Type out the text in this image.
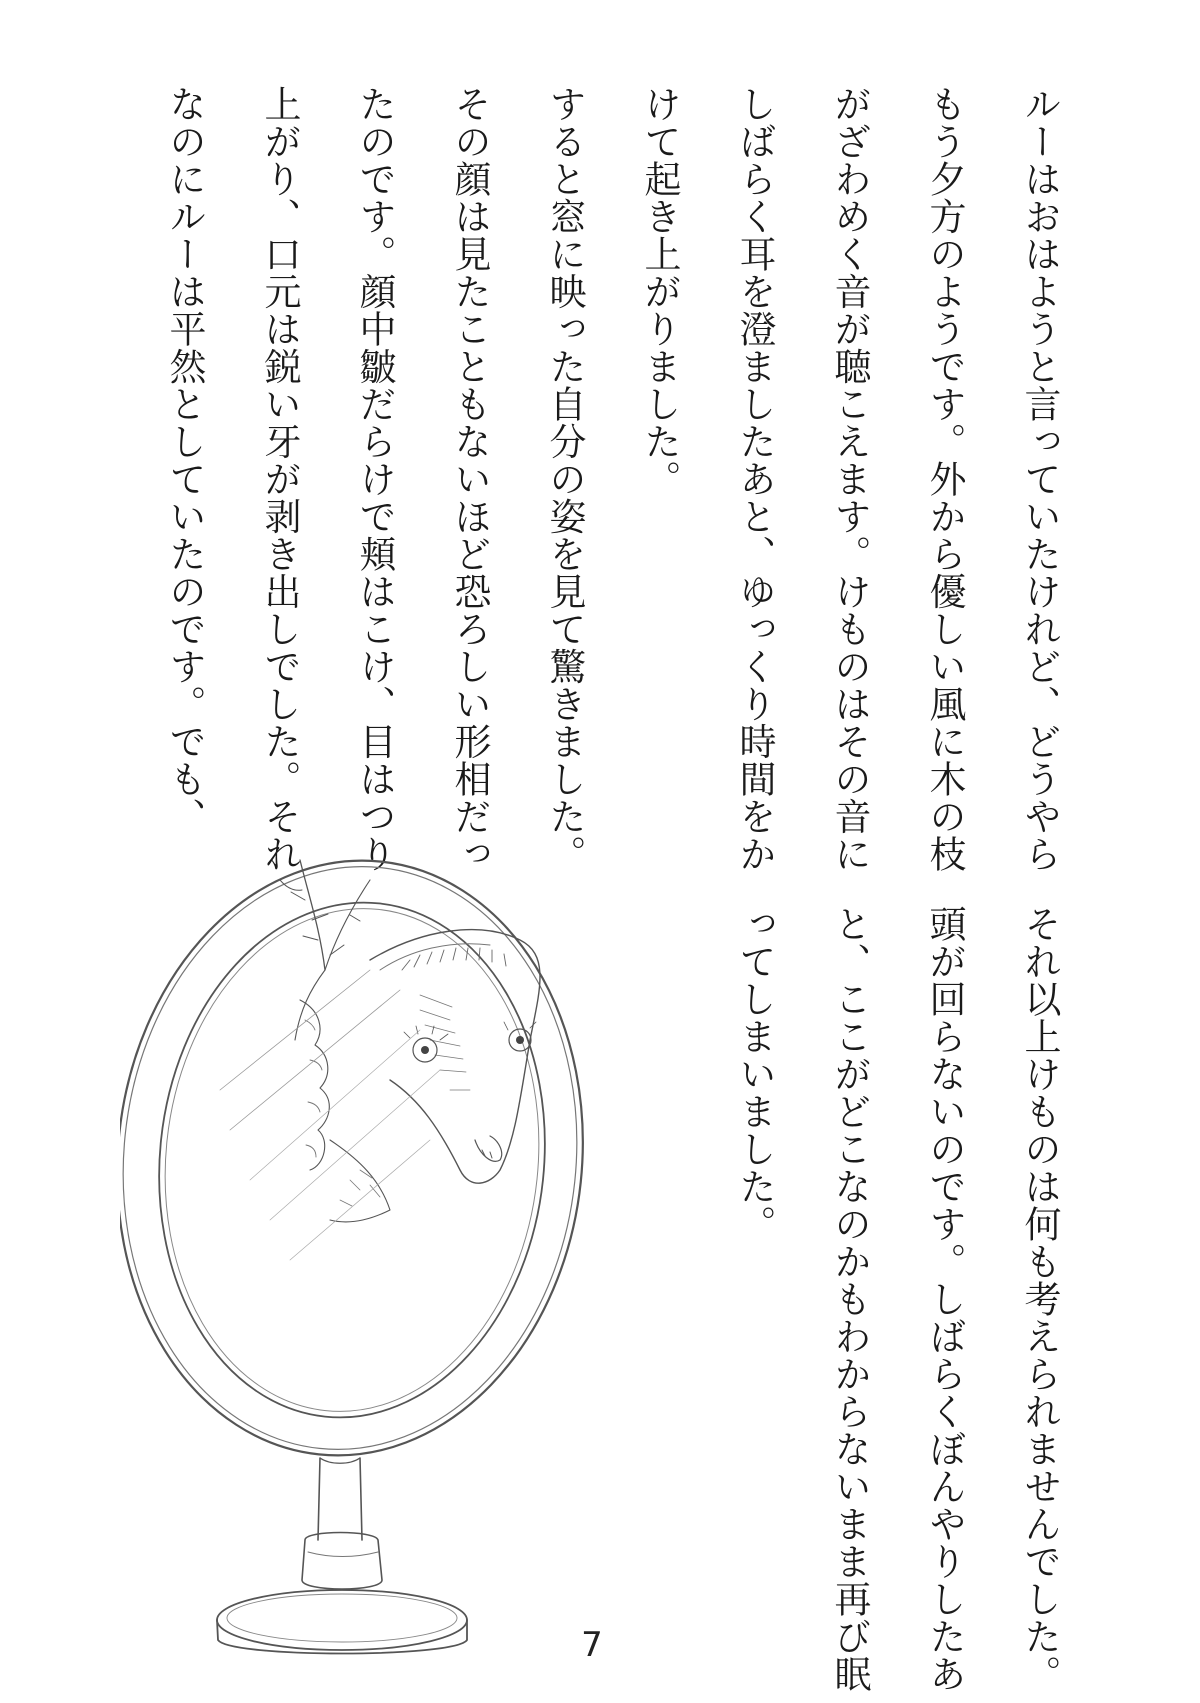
ルーはおはようと言っていたけれど、どうやら
もう夕方のようです。外から優しい風に木の枝
がざわめく音が聴こえます。けものはその音に
しばらく耳を澄ましたあと、ゆっくり時間をか
けて起き上がりました。
すると窓に映った自分の姿を見て驚きました。
その顔は見たこともないほど恐ろしい形相だっ
たのです。顔中皺だらけで頬はこけ、目はつり
上がり、口元は鋭い牙が剥き出しでした。それ
なのにルーは平然としていたのです。でも、
それ以上けものは何も考えられませんでした。
頭が回らないのです。しばらくぼんやりしたあ
と、ここがどこなのかもわからないまま再び眠
ってしまいました。
7
